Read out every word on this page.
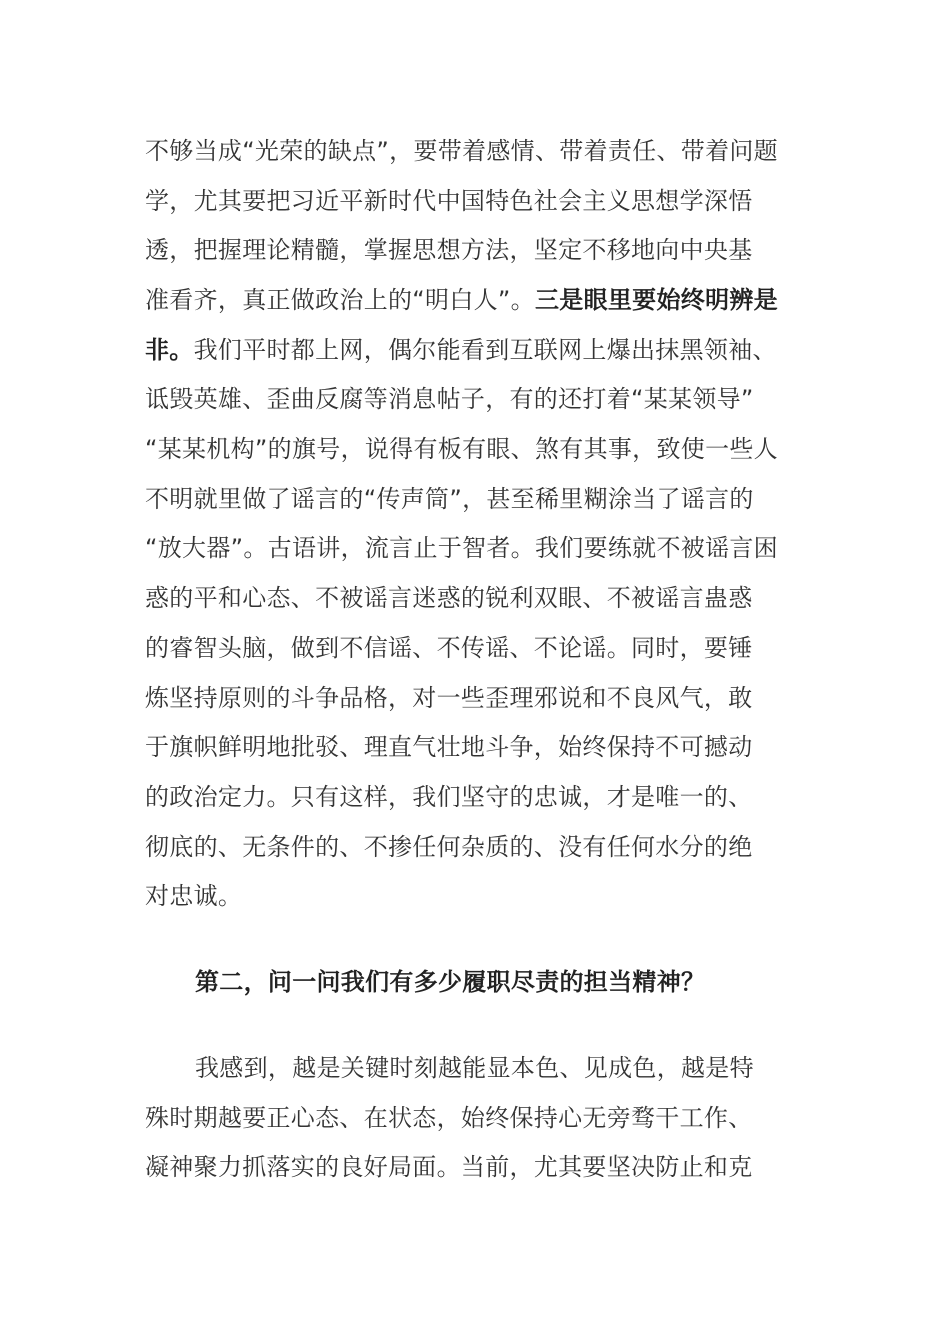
不够当成“光荣的缺点”，要带着感情、带着责任、带着问题
学，尤其要把习近平新时代中国特色社会主义思想学深悟
透，把握理论精髓，掌握思想方法，坚定不移地向中央基
准看齐，真正做政治上的“明白人”。三是眼里要始终明辨是
非。我们平时都上网，偶尔能看到互联网上爆出抹黑领袖、
诋毁英雄、歪曲反腐等消息帖子，有的还打着“某某领导”
“某某机构”的旗号，说得有板有眼、煞有其事，致使一些人
不明就里做了谣言的“传声筒”，甚至稀里糊涂当了谣言的
“放大器”。古语讲，流言止于智者。我们要练就不被谣言困
惑的平和心态、不被谣言迷惑的锐利双眼、不被谣言蛊惑
的睿智头脑，做到不信谣、不传谣、不论谣。同时，要锤
炼坚持原则的斗争品格，对一些歪理邪说和不良风气，敢
于旗帜鲜明地批驳、理直气壮地斗争，始终保持不可撼动
的政治定力。只有这样，我们坚守的忠诚，才是唯一的、
彻底的、无条件的、不掺任何杂质的、没有任何水分的绝
对忠诚。
第二，问一问我们有多少履职尽责的担当精神？
我感到，越是关键时刻越能显本色、见成色，越是特
殊时期越要正心态、在状态，始终保持心无旁骛干工作、
凝神聚力抓落实的良好局面。当前，尤其要坚决防止和克
